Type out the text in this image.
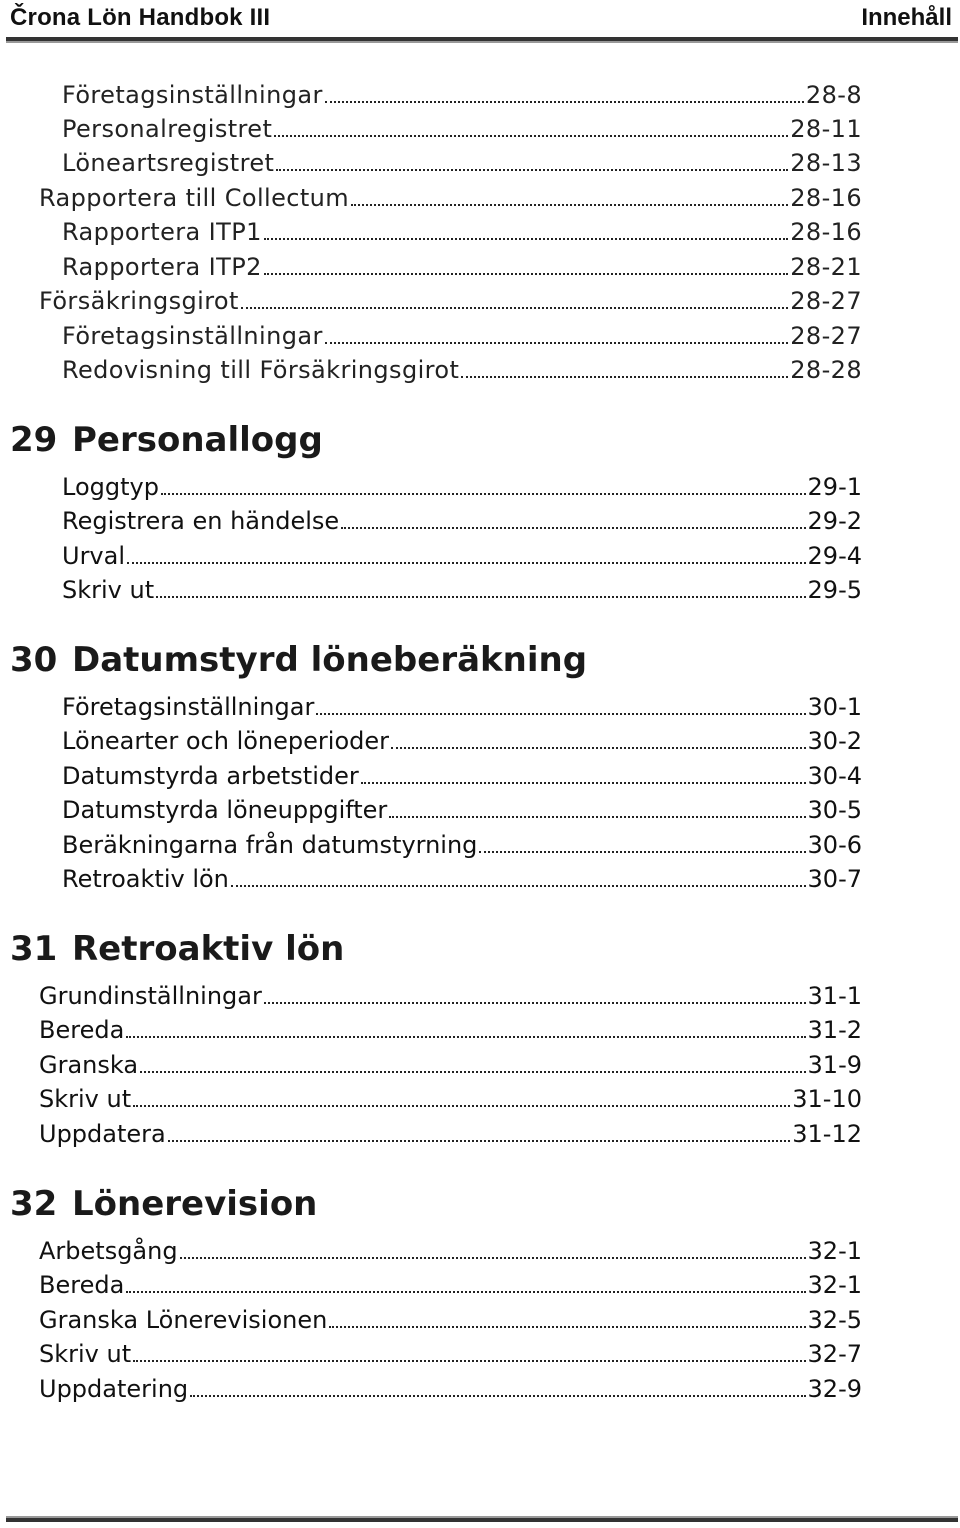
Črona Lön Handbok III	Innehåll
Företagsinställningar	28-8
Personalregistret	28-11
Löneartsregistret	28-13
Rapportera till Collectum	28-16
Rapportera ITP1	28-16
Rapportera ITP2	28-21
Försäkringsgirot	28-27
Företagsinställningar	28-27
Redovisning till Försäkringsgirot	28-28
29 Personallogg
Loggtyp	29-1
Registrera en händelse	29-2
Urval	29-4
Skriv ut	29-5
30 Datumstyrd löneberäkning
Företagsinställningar	30-1
Lönearter och löneperioder	30-2
Datumstyrda arbetstider	30-4
Datumstyrda löneuppgifter	30-5
Beräkningarna från datumstyrning	30-6
Retroaktiv lön	30-7
31 Retroaktiv lön
Grundinställningar	31-1
Bereda	31-2
Granska	31-9
Skriv ut	31-10
Uppdatera	31-12
32 Lönerevision
Arbetsgång	32-1
Bereda	32-1
Granska Lönerevisionen	32-5
Skriv ut	32-7
Uppdatering	32-9
